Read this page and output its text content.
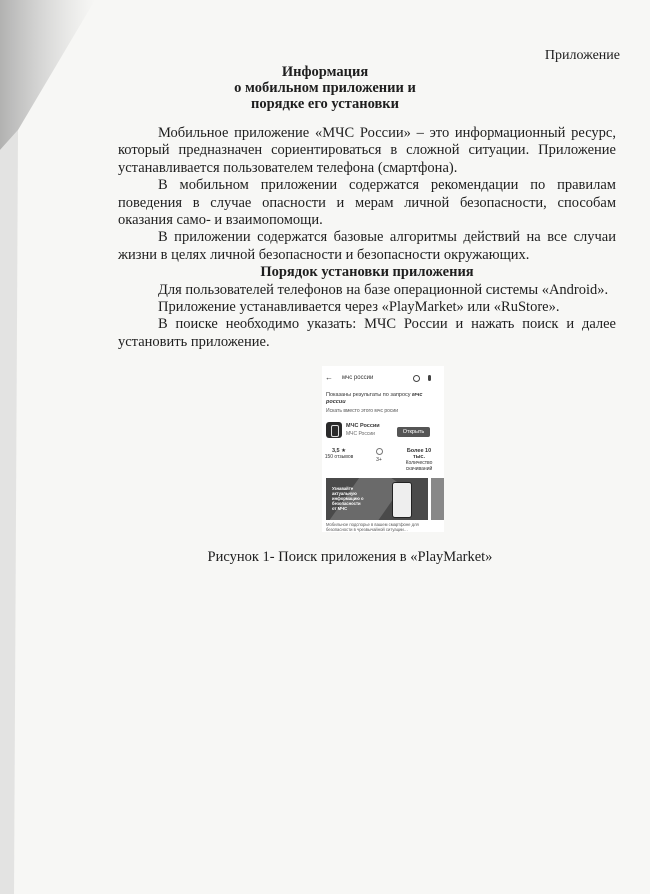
Приложение
Информация
о мобильном приложении и
порядке его установки

Мобильное приложение «МЧС России» – это информационный ресурс, который предназначен сориентироваться в сложной ситуации. Приложение устанавливается пользователем телефона (смартфона).

В мобильном приложении содержатся рекомендации по правилам поведения в случае опасности и мерам личной безопасности, способам оказания само- и взаимопомощи.

В приложении содержатся базовые алгоритмы действий на все случаи жизни в целях личной безопасности и безопасности окружающих.

Порядок установки приложения

Для пользователей телефонов на базе операционной системы «Android».

Приложение устанавливается через «PlayMarket» или «RuStore».

В поиске необходимо указать: МЧС России и нажать поиск и далее установить приложение.

← мчс россии
Показаны результаты по запросу мчс россии
Искать вместо этого мчс росии
МЧС России
МЧС России	Открыть
3,5 ★
150 отзывов	3+
Более 10 тыс.
Количество скачиваний
Узнавайте актуальную информацию о безопасности от МЧС
Мобильное подспорье в вашем смартфоне для безопасности в чрезвычайной ситуации…
Рисунок 1- Поиск приложения в «PlayMarket»
